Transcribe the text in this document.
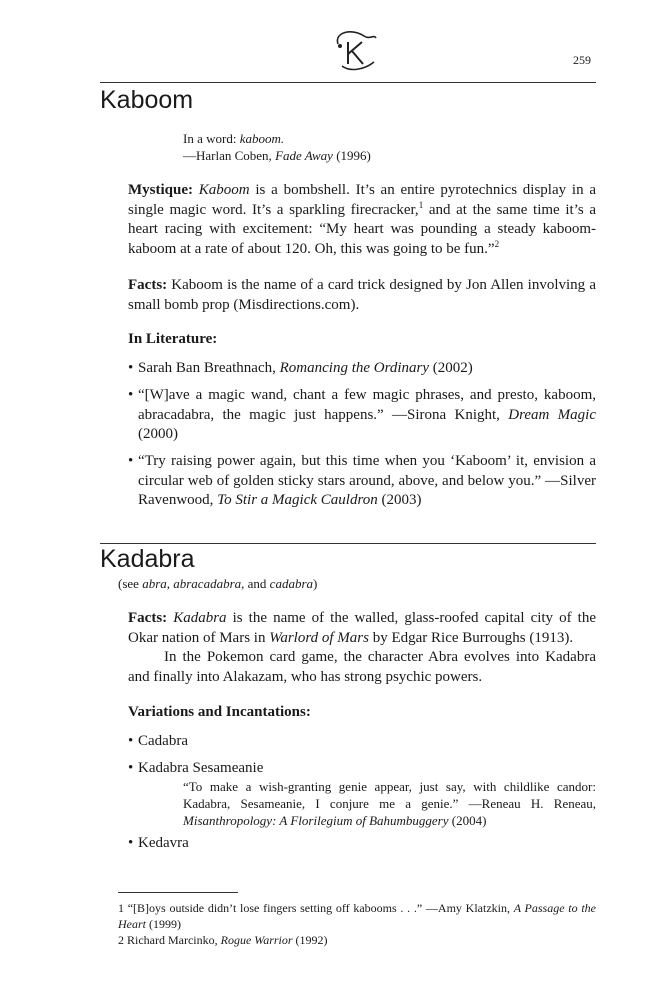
259
Kaboom
In a word: kaboom.
—Harlan Coben, Fade Away (1996)

Mystique: Kaboom is a bombshell. It’s an entire pyrotechnics display in a single magic word. It’s a sparkling firecracker,$^1$ and at the same time it’s a heart racing with excitement: “My heart was pounding a steady kaboom-kaboom at a rate of about 120. Oh, this was going to be fun.”$^2$

Facts: Kaboom is the name of a card trick designed by Jon Allen involving a small bomb prop (Misdirections.com).

In Literature:
• Sarah Ban Breathnach, Romancing the Ordinary (2002)
• “[W]ave a magic wand, chant a few magic phrases, and presto, kaboom, abracadabra, the magic just happens.” —Sirona Knight, Dream Magic (2000)
• “Try raising power again, but this time when you ‘Kaboom’ it, envision a circular web of golden sticky stars around, above, and below you.” —Silver Ravenwood, To Stir a Magick Cauldron (2003)
Kadabra
(see abra, abracadabra, and cadabra)

Facts: Kadabra is the name of the walled, glass-roofed capital city of the Okar nation of Mars in Warlord of Mars by Edgar Rice Burroughs (1913).

In the Pokemon card game, the character Abra evolves into Kadabra and finally into Alakazam, who has strong psychic powers.

Variations and Incantations:
• Cadabra
• Kadabra Sesameanie
“To make a wish-granting genie appear, just say, with childlike candor: Kadabra, Sesameanie, I conjure me a genie.” —Reneau H. Reneau, Misanthropology: A Florilegium of Bahumbuggery (2004)
• Kedavra

1 “[B]oys outside didn’t lose fingers setting off kabooms . . .” —Amy Klatzkin, A Passage to the Heart (1999)

2 Richard Marcinko, Rogue Warrior (1992)
